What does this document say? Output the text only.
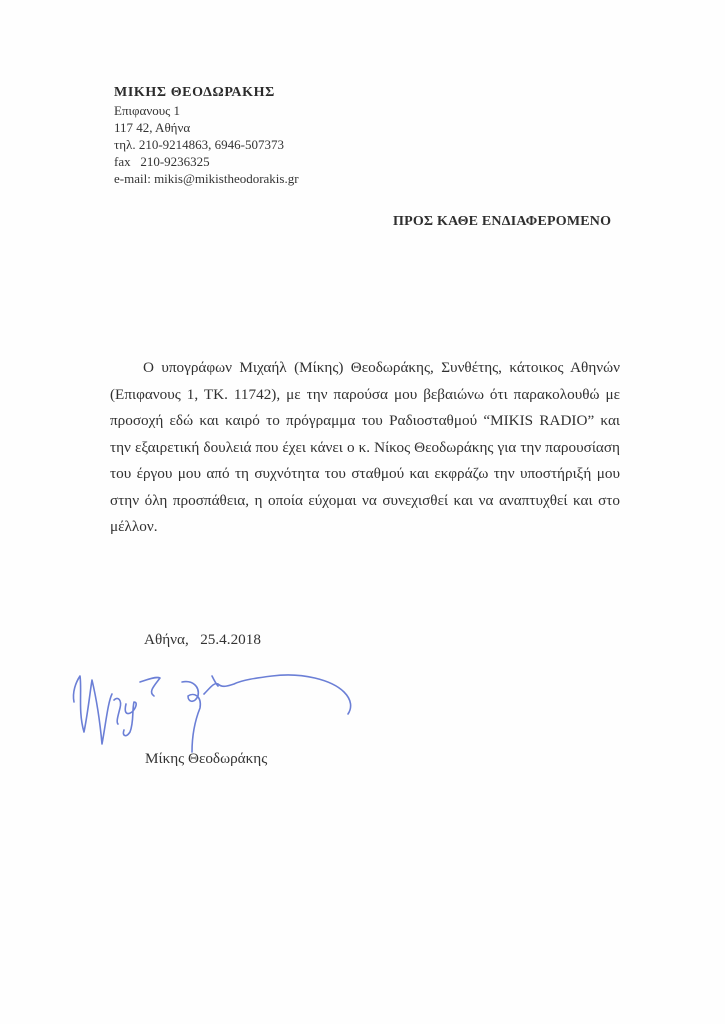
ΜΙΚΗΣ ΘΕΟΔΩΡΑΚΗΣ
Επιφανους 1
117 42, Αθήνα
τηλ. 210-9214863, 6946-507373
fax   210-9236325
e-mail: mikis@mikistheodorakis.gr
ΠΡΟΣ ΚΑΘΕ ΕΝΔΙΑΦΕΡΟΜΕΝΟ
Ο υπογράφων Μιχαήλ (Μίκης) Θεοδωράκης, Συνθέτης, κάτοικος Αθηνών (Επιφανους 1, ΤΚ. 11742), με την παρούσα μου βεβαιώνω ότι παρακολουθώ με προσοχή εδώ και καιρό το πρόγραμμα του Ραδιοσταθμού “MIKIS RADIO” και την εξαιρετική δουλειά που έχει κάνει ο κ. Νίκος Θεοδωράκης για την παρουσίαση του έργου μου από τη συχνότητα του σταθμού και εκφράζω την υποστήριξή μου στην όλη προσπάθεια, η οποία εύχομαι να συνεχισθεί και να αναπτυχθεί και στο μέλλον.
Αθήνα,   25.4.2018
Μίκης Θεοδωράκης
